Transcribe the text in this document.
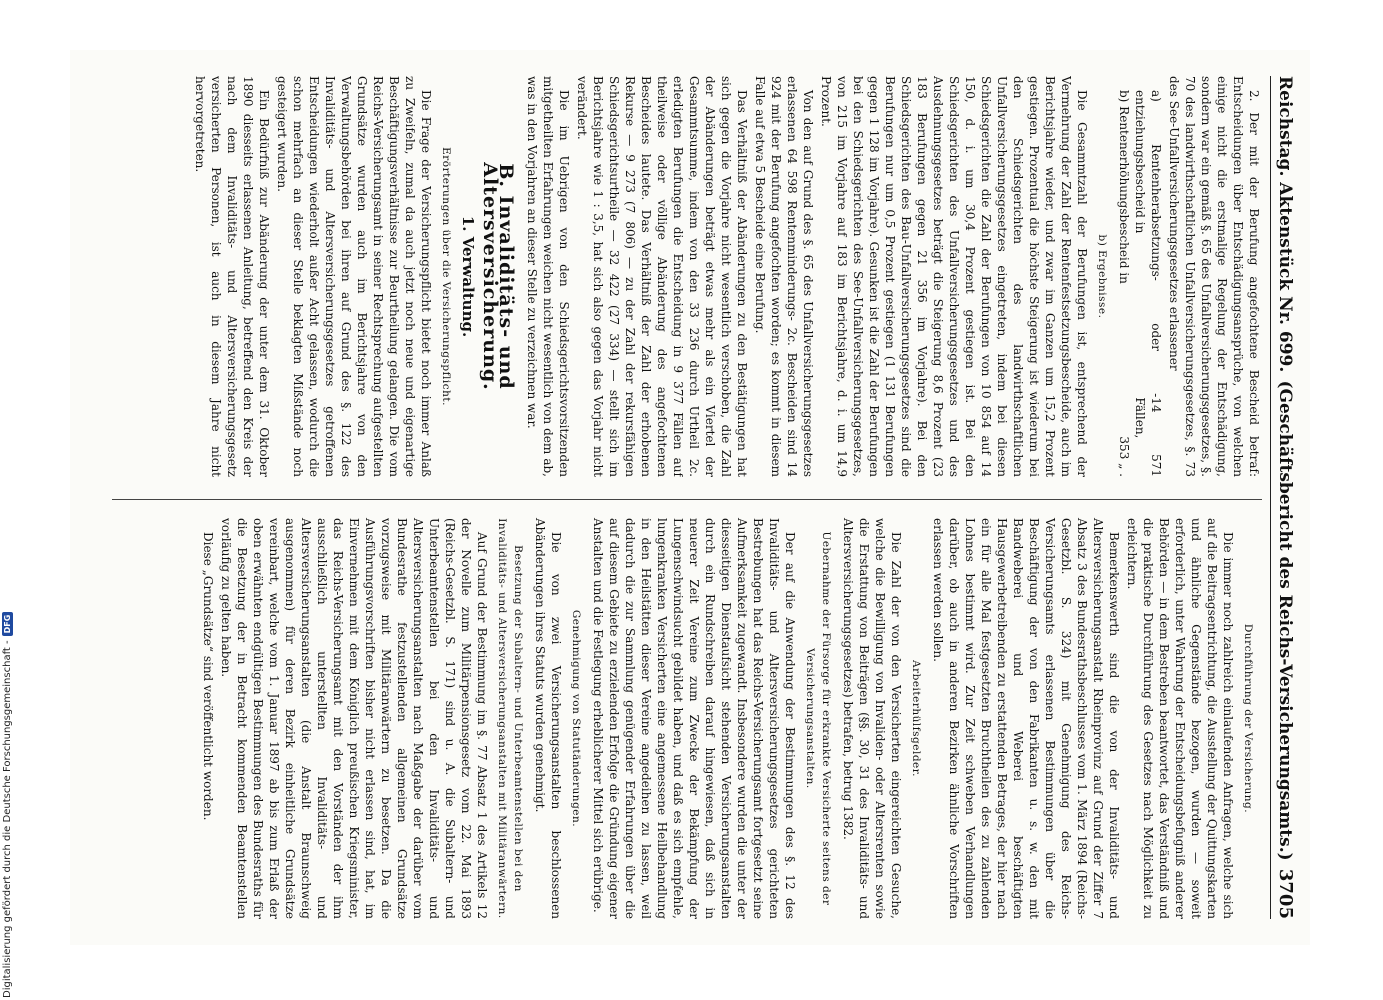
Reichstag. Aktenstück Nr. 699.
(Geschäftsbericht des Reichs-Versicherungsamts.)
3705

2. Der mit der Berufung angefochtene Bescheid betraf: Entscheidungen über Entschädigungsansprüche, von welchen einige nicht die erstmalige Regelung der Entschädigung, sondern war ein gemäß §. 65 des Unfallversicherungsgesetzes, §. 70 des landwirthschaftlichen Unfallversicherungsgesetzes, §. 73 des See-Unfallversicherungsgesetzes erlassener

a) Rentenherabsetzungs- oder -entziehungsbescheid in
14 571 Fällen,
b) Rentenerhöhungsbescheid in
353 „ .

b) Ergebnisse.

Die Gesammtzahl der Berufungen ist, entsprechend der Vermehrung der Zahl der Rentenfestsetzungsbescheide, auch im Berichtsjahre wieder, und zwar im Ganzen um 15,2 Prozent gestiegen. Prozentual die höchste Steigerung ist wiederum bei den Schiedsgerichten des landwirthschaftlichen Unfallversicherungsgesetzes eingetreten, indem bei diesen Schiedsgerichten die Zahl der Berufungen von 10 854 auf 14 150, d. i. um 30,4 Prozent gestiegen ist. Bei den Schiedsgerichten des Unfallversicherungsgesetzes und des Ausdehnungsgesetzes beträgt die Steigerung 8,6 Prozent (23 183 Berufungen gegen 21 356 im Vorjahre). Bei den Schiedsgerichten des Bau-Unfallversicherungsgesetzes sind die Berufungen nur um 0,5 Prozent gestiegen (1 131 Berufungen gegen 1 128 im Vorjahre). Gesunken ist die Zahl der Berufungen bei den Schiedsgerichten des See-Unfallversicherungsgesetzes, von 215 im Vorjahre auf 183 im Berichtsjahre, d. i. um 14,9 Prozent.

Von den auf Grund des §. 65 des Unfallversicherungsgesetzes erlassenen 64 598 Rentenminderungs- 2c. Bescheiden sind 14 924 mit der Berufung angefochten worden; es kommt in diesem Falle auf etwa 5 Bescheide eine Berufung.

Das Verhältniß der Abänderungen zu den Bestätigungen hat sich gegen die Vorjahre nicht wesentlich verschoben, die Zahl der Abänderungen beträgt etwas mehr als ein Viertel der Gesammtsumme, indem von den 33 236 durch Urtheil 2c. erledigten Berufungen die Entscheidung in 9 377 Fällen auf theilweise oder völlige Abänderung des angefochtenen Bescheides lautete. Das Verhältniß der Zahl der erhobenen Rekurse — 9 273 (7 806) — zu der Zahl der rekursfähigen Schiedsgerichtsurtheile — 32 422 (27 334) — stellt sich im Berichtsjahre wie 1 : 3,5, hat sich also gegen das Vorjahr nicht verändert.

Die im Uebrigen von den Schiedsgerichtsvorsitzenden mitgetheilten Erfahrungen weichen nicht wesentlich von dem ab, was in den Vorjahren an dieser Stelle zu verzeichnen war.

B. Invaliditäts- und Altersversicherung.

1. Verwaltung.

Erörterungen über die Versicherungspflicht.

Die Frage der Versicherungspflicht bietet noch immer Anlaß zu Zweifeln, zumal da auch jetzt noch neue und eigenartige Beschäftigungsverhältnisse zur Beurtheilung gelangen. Die vom Reichs-Versicherungsamt in seiner Rechtsprechung aufgestellten Grundsätze wurden auch im Berichtsjahre von den Verwaltungsbehörden bei ihren auf Grund des §. 122 des Invaliditäts- und Altersversicherungsgesetzes getroffenen Entscheidungen wiederholt außer Acht gelassen, wodurch die schon mehrfach an dieser Stelle beklagten Mißstände noch gesteigert wurden.

Ein Bedürfniß zur Abänderung der unter dem 31. Oktober 1890 diesseits erlassenen Anleitung, betreffend den Kreis der nach dem Invaliditäts- und Altersversicherungsgesetz versicherten Personen, ist auch in diesem Jahre nicht hervorgetreten.

Durchführung der Versicherung.

Die immer noch zahlreich einlaufenden Anfragen, welche sich auf die Beitragsentrichtung, die Ausstellung der Quittungskarten und ähnliche Gegenstände bezogen, wurden — soweit erforderlich, unter Wahrung der Entscheidungsbefugniß anderer Behörden — in dem Bestreben beantwortet, das Verständniß und die praktische Durchführung des Gesetzes nach Möglichkeit zu erleichtern.

Bemerkenswerth sind die von der Invaliditäts- und Altersversicherungsanstalt Rheinprovinz auf Grund der Ziffer 7 Absatz 3 des Bundesrathsbeschlusses vom 1. März 1894 (Reichs-Gesetzbl. S. 324) mit Genehmigung des Reichs-Versicherungsamts erlassenen Bestimmungen über die Beschäftigung der von den Fabrikanten u. s. w. den mit Bandweberei und Weberei beschäftigten Hausgewerbetreibenden zu erstattenden Betrages, der hier nach ein für alle Mal festgesetzten Bruchtheilen des zu zahlenden Lohnes bestimmt wird. Zur Zeit schweben Verhandlungen darüber, ob auch in anderen Bezirken ähnliche Vorschriften erlassen werden sollen.

Arbeiterhülfsgelder.

Die Zahl der von den Versicherten eingereichten Gesuche, welche die Bewilligung von Invaliden- oder Altersrenten sowie die Erstattung von Beiträgen (§§. 30, 31 des Invaliditäts- und Altersversicherungsgesetzes) betrafen, betrug 1382.

Uebernahme der Fürsorge für erkrankte Versicherte seitens der Versicherungsanstalten.

Der auf die Anwendung der Bestimmungen des §. 12 des Invaliditäts- und Altersversicherungsgesetzes gerichteten Bestrebungen hat das Reichs-Versicherungsamt fortgesetzt seine Aufmerksamkeit zugewandt. Insbesondere wurden die unter der diesseitigen Dienstaufsicht stehenden Versicherungsanstalten durch ein Rundschreiben darauf hingewiesen, daß sich in neuerer Zeit Vereine zum Zwecke der Bekämpfung der Lungenschwindsucht gebildet haben, und daß es sich empfehle, lungenkranken Versicherten eine angemessene Heilbehandlung in den Heilstätten dieser Vereine angedeihen zu lassen, weil dadurch die zur Sammlung genügender Erfahrungen über die auf diesem Gebiete zu erzielenden Erfolge die Gründung eigener Anstalten und die Festlegung erheblicherer Mittel sich erübrige.

Genehmigung von Statutänderungen.

Die von zwei Versicherungsanstalten beschlossenen Abänderungen ihres Statuts wurden genehmigt.

Besetzung der Subaltern- und Unterbeamtenstellen bei den Invaliditäts- und Altersversicherungsanstalten mit Militäranwärtern.

Auf Grund der Bestimmung im §. 77 Absatz 1 des Artikels 12 der Novelle zum Militärpensionsgesetz vom 22. Mai 1893 (Reichs-Gesetzbl. S. 171) sind u. A. die Subaltern- und Unterbeamtenstellen bei den Invaliditäts- und Altersversicherungsanstalten nach Maßgabe der darüber vom Bundesrathe festzustellenden allgemeinen Grundsätze vorzugsweise mit Militäranwärtern zu besetzen. Da die Ausführungsvorschriften bisher nicht erlassen sind, hat, im Einvernehmen mit dem Königlich preußischen Kriegsminister, das Reichs-Versicherungsamt mit den Vorständen der ihm ausschließlich unterstellten Invaliditäts- und Altersversicherungsanstalten (die Anstalt Braunschweig ausgenommen) für deren Bezirk einheitliche Grundsätze vereinbart, welche vom 1. Januar 1897 ab bis zum Erlaß der oben erwähnten endgültigen Bestimmungen des Bundesraths für die Besetzung der in Betracht kommenden Beamtenstellen vorläufig zu gelten haben.

Diese „Grundsätze“ sind veröffentlicht worden.

Digitalisierung gefördert durch die Deutsche Forschungsgemeinschaft -
DFG
